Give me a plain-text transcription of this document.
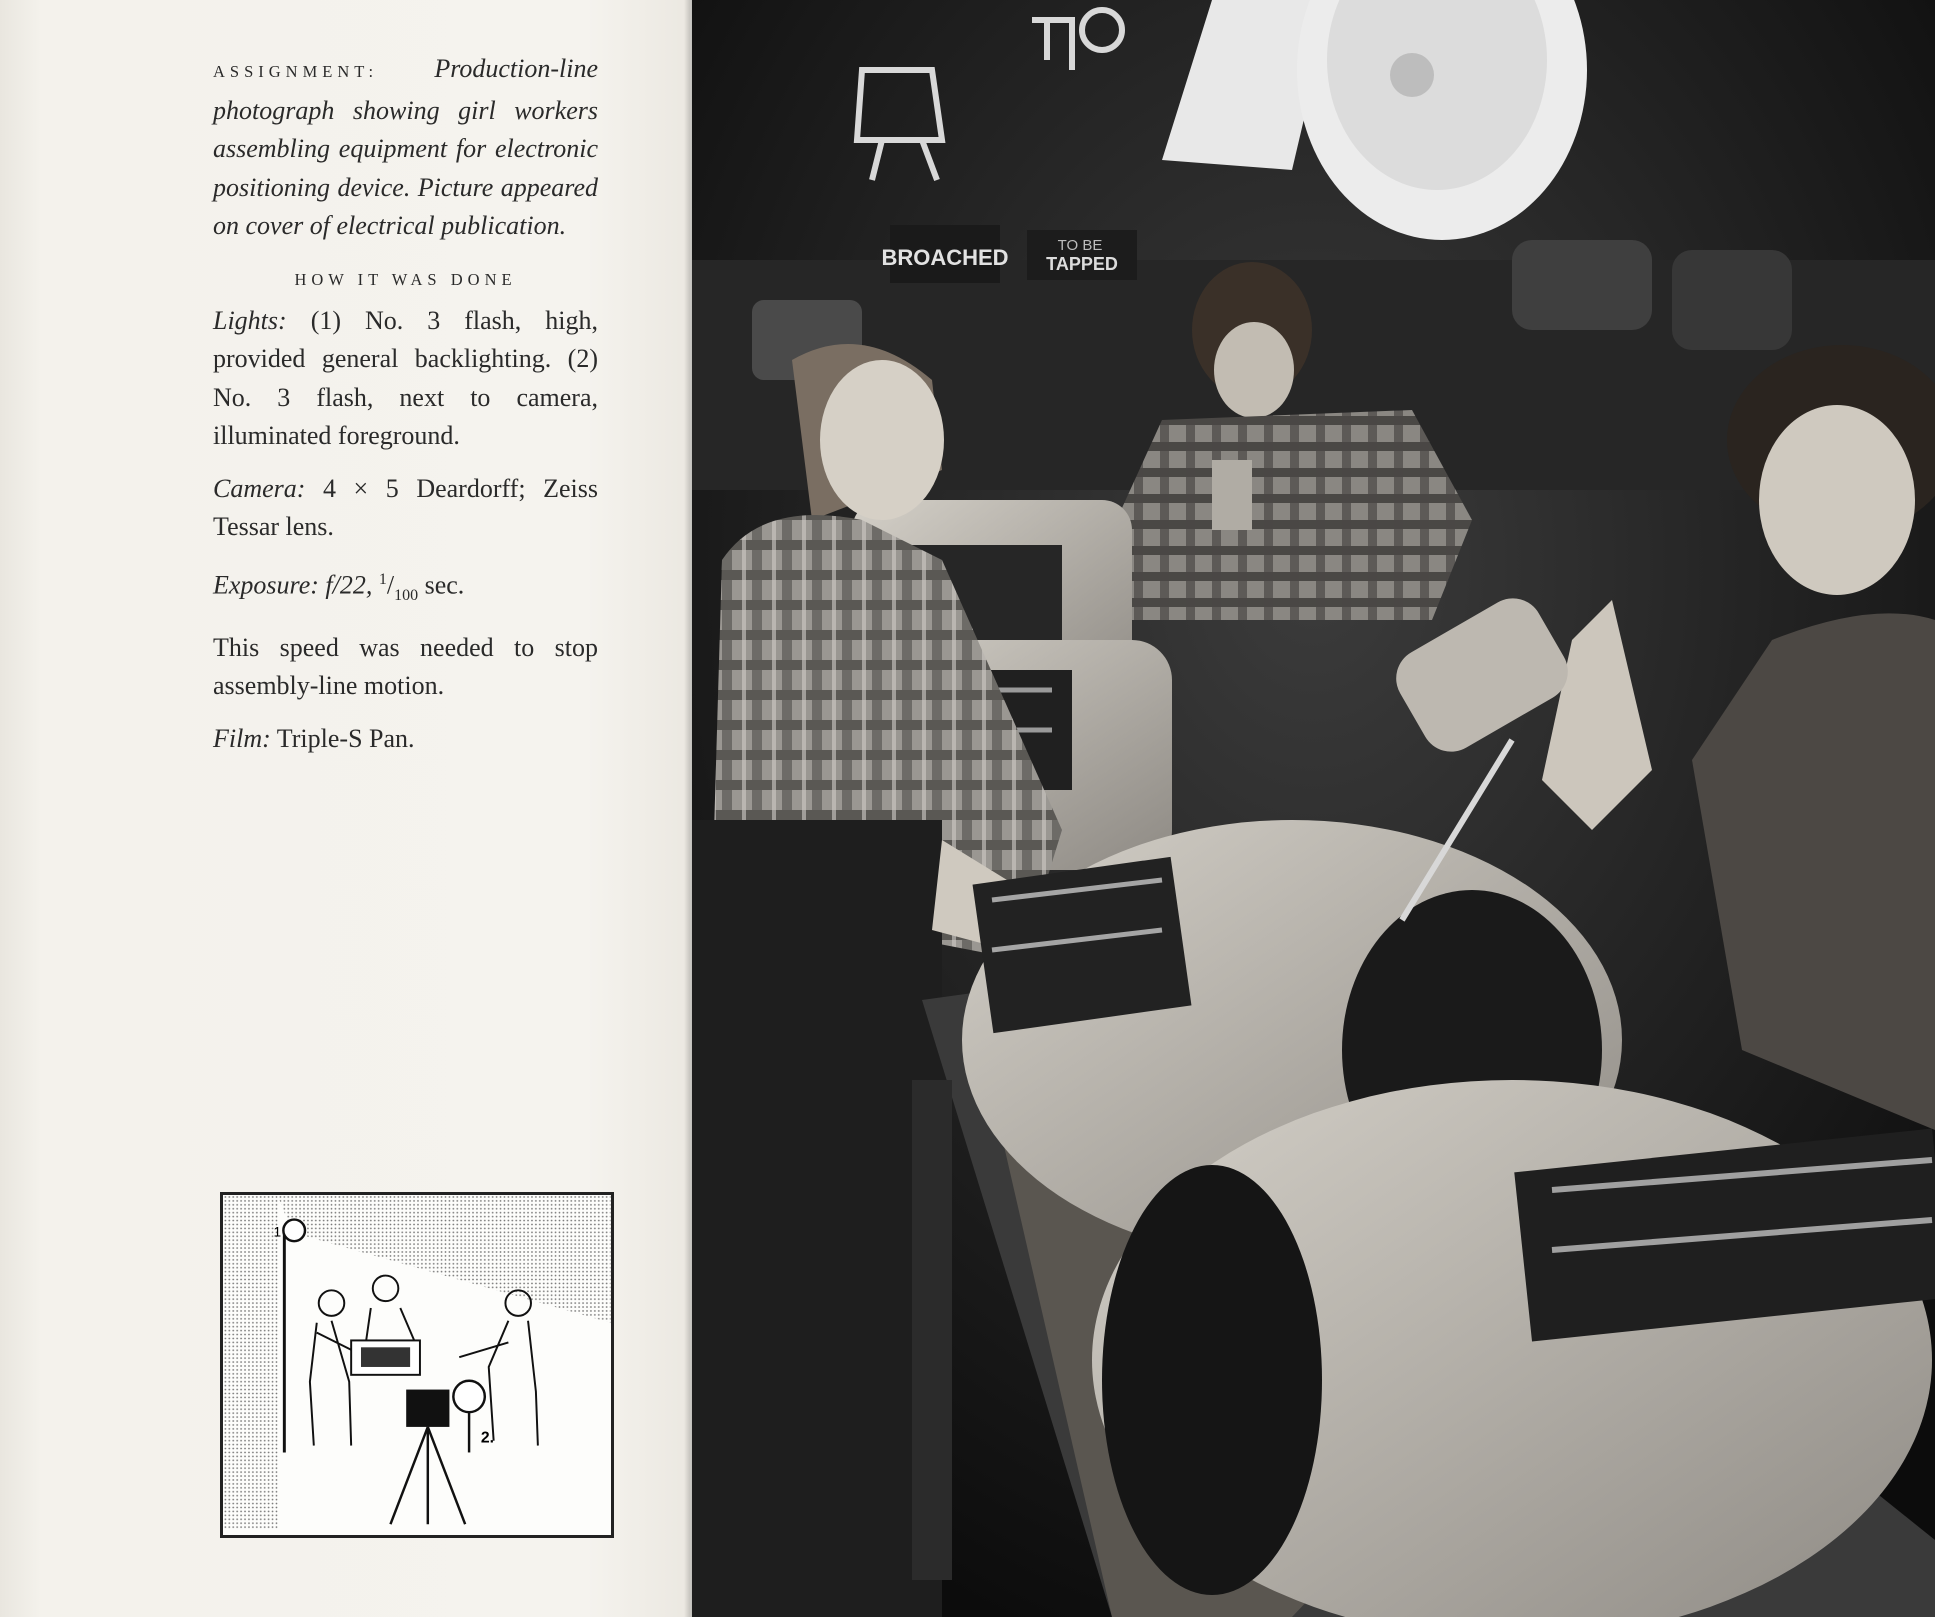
ASSIGNMENT: Production-line photograph showing girl workers assembling equipment for electronic positioning device. Picture appeared on cover of electrical publication.

HOW IT WAS DONE

Lights: (1) No. 3 flash, high, provided general backlighting. (2) No. 3 flash, next to camera, illuminated foreground.

Camera: 4 × 5 Deardorff; Zeiss Tessar lens.

Exposure: f/22, $^1/_{100}$ sec.

This speed was needed to stop assembly-line motion.

Film: Triple-S Pan.

1
2.
BROACHED	TO BE
TAPPED
